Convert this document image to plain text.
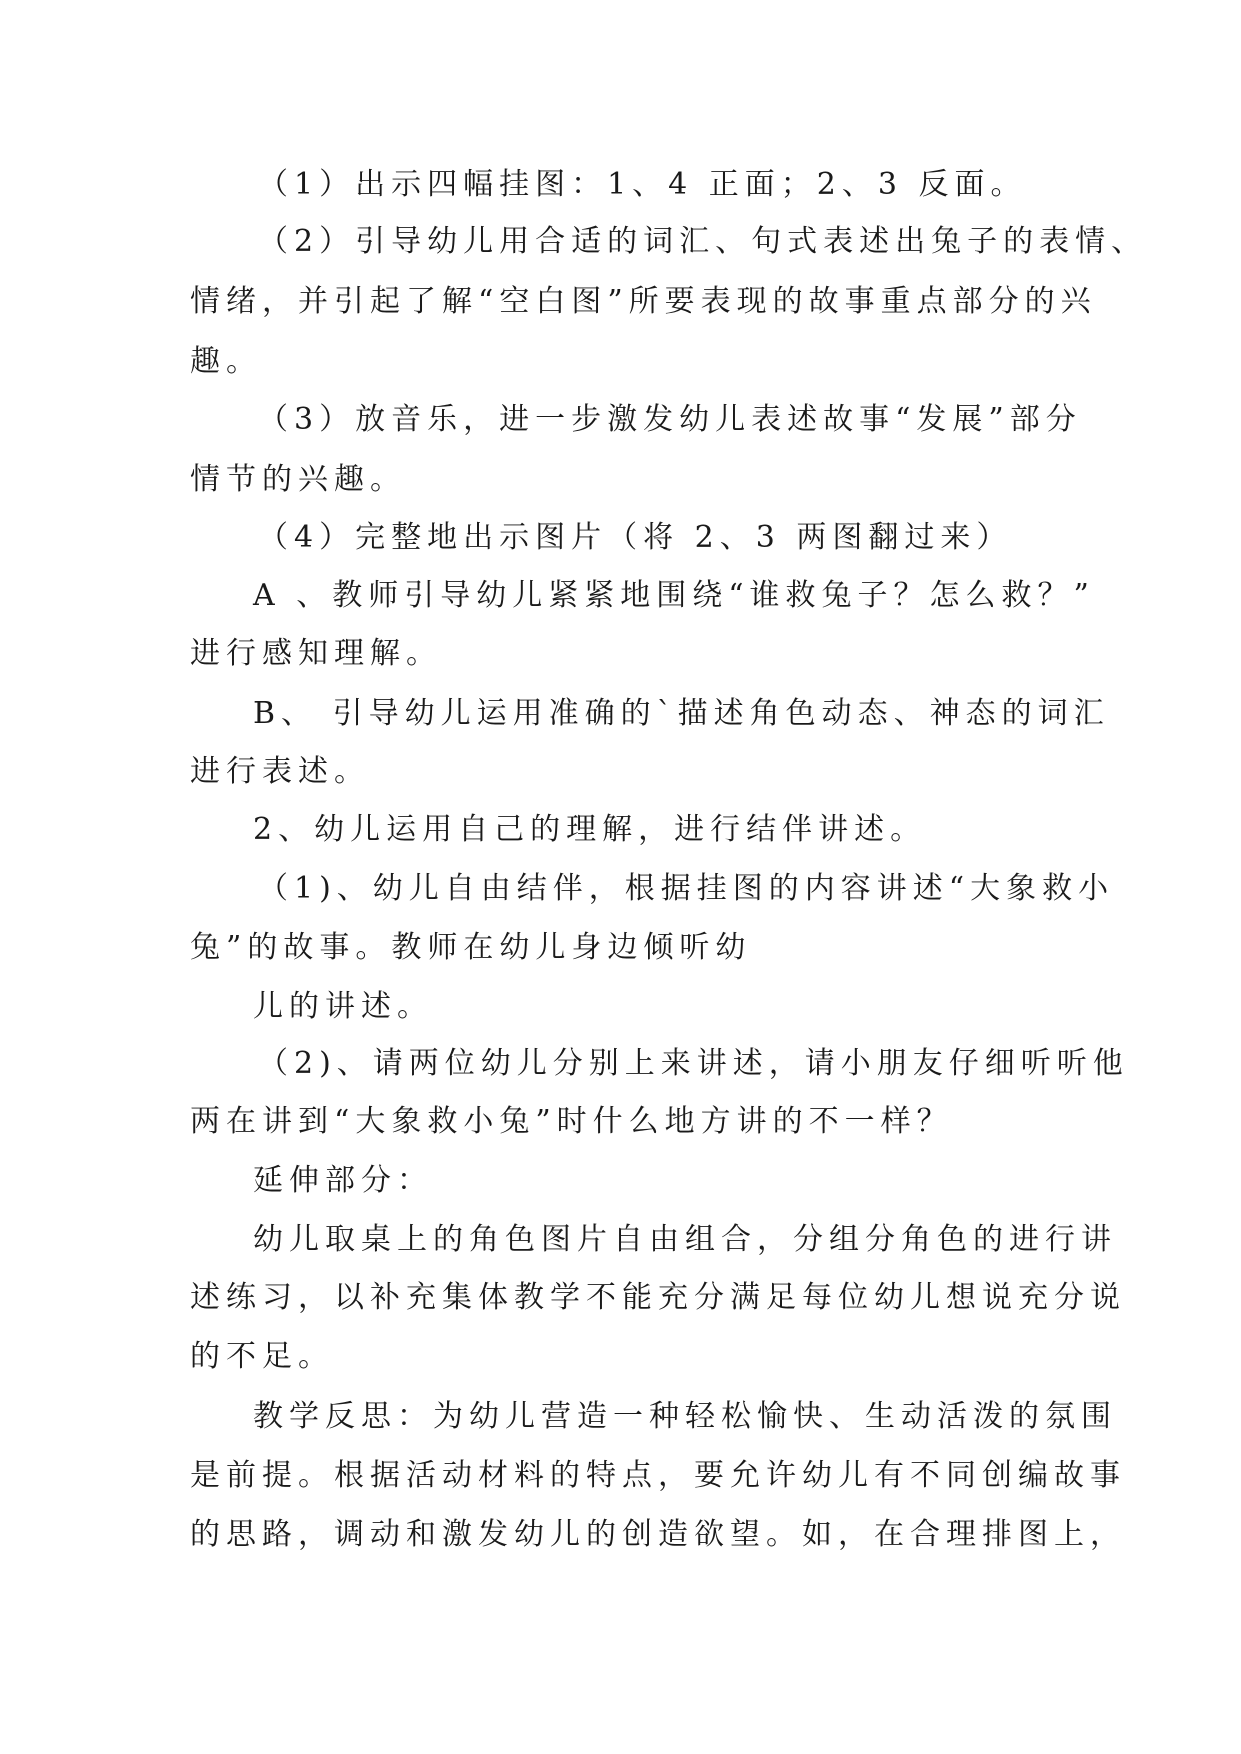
（1）出示四幅挂图：1、4 正面；2、3 反面。
（2）引导幼儿用合适的词汇、句式表述出兔子的表情、
情绪，并引起了解“空白图”所要表现的故事重点部分的兴
趣。
（3）放音乐，进一步激发幼儿表述故事“发展”部分
情节的兴趣。
（4）完整地出示图片（将 2、3 两图翻过来）
A 、教师引导幼儿紧紧地围绕“谁救兔子？怎么救？”
进行感知理解。
B、 引导幼儿运用准确的`描述角色动态、神态的词汇
进行表述。
2、幼儿运用自己的理解，进行结伴讲述。
（1)、幼儿自由结伴，根据挂图的内容讲述“大象救小
兔”的故事。教师在幼儿身边倾听幼
儿的讲述。
（2)、请两位幼儿分别上来讲述，请小朋友仔细听听他
两在讲到“大象救小兔”时什么地方讲的不一样？
延伸部分：
幼儿取桌上的角色图片自由组合，分组分角色的进行讲
述练习，以补充集体教学不能充分满足每位幼儿想说充分说
的不足。
教学反思：为幼儿营造一种轻松愉快、生动活泼的氛围
是前提。根据活动材料的特点，要允许幼儿有不同创编故事
的思路，调动和激发幼儿的创造欲望。如，在合理排图上，
